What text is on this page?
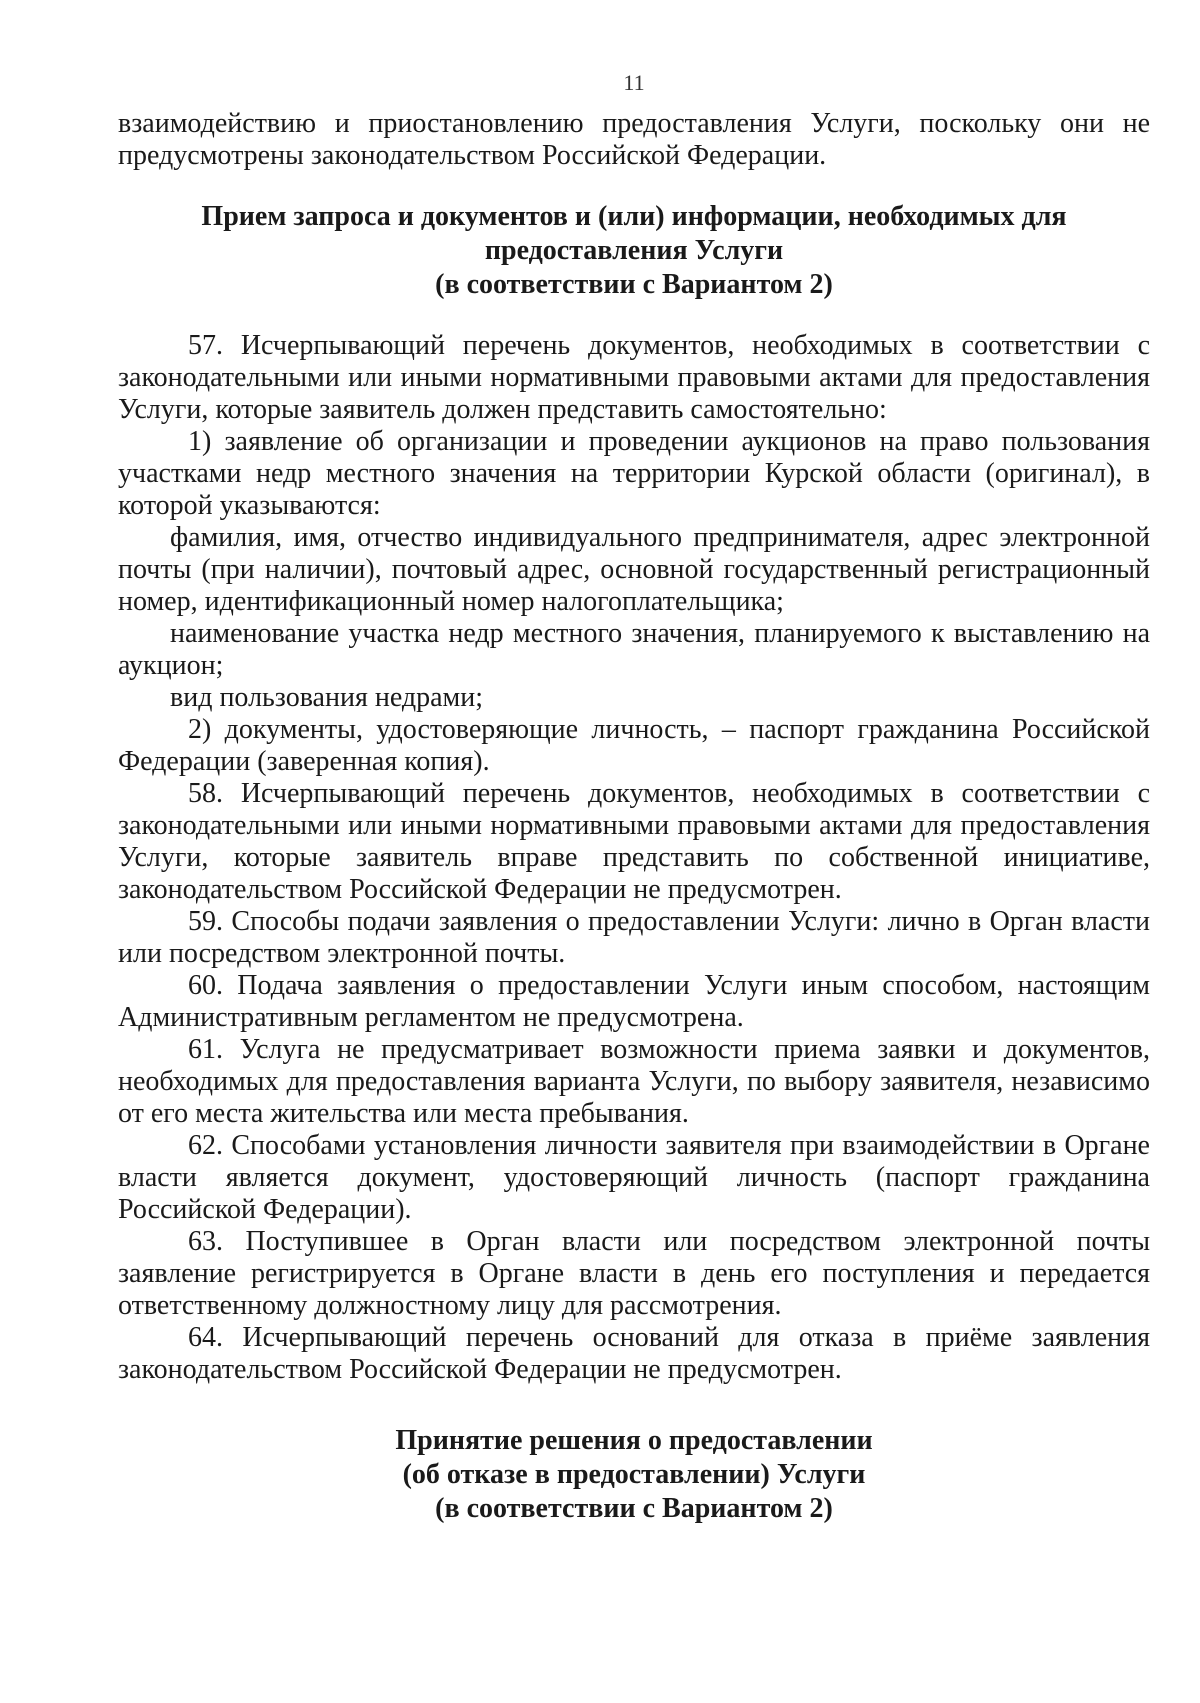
11

взаимодействию и приостановлению предоставления Услуги, поскольку они не предусмотрены законодательством Российской Федерации.

Прием запроса и документов и (или) информации, необходимых для

предоставления Услуги

(в соответствии с Вариантом 2)

57. Исчерпывающий перечень документов, необходимых в соответствии с законодательными или иными нормативными правовыми актами для предоставления Услуги, которые заявитель должен представить самостоятельно:

1) заявление об организации и проведении аукционов на право пользования участками недр местного значения на территории Курской области (оригинал), в которой указываются:

фамилия, имя, отчество индивидуального предпринимателя, адрес электронной почты (при наличии), почтовый адрес, основной государственный регистрационный номер, идентификационный номер налогоплательщика;

наименование участка недр местного значения, планируемого к выставлению на аукцион;

вид пользования недрами;

2) документы, удостоверяющие личность, – паспорт гражданина Российской Федерации (заверенная копия).

58. Исчерпывающий перечень документов, необходимых в соответствии с законодательными или иными нормативными правовыми актами для предоставления Услуги, которые заявитель вправе представить по собственной инициативе, законодательством Российской Федерации не предусмотрен.

59. Способы подачи заявления о предоставлении Услуги: лично в Орган власти или посредством электронной почты.

60. Подача заявления о предоставлении Услуги иным способом, настоящим Административным регламентом не предусмотрена.

61. Услуга не предусматривает возможности приема заявки и документов, необходимых для предоставления варианта Услуги, по выбору заявителя, независимо от его места жительства или места пребывания.

62. Способами установления личности заявителя при взаимодействии в Органе власти является документ, удостоверяющий личность (паспорт гражданина Российской Федерации).

63. Поступившее в Орган власти или посредством электронной почты заявление регистрируется в Органе власти в день его поступления и передается ответственному должностному лицу для рассмотрения.

64. Исчерпывающий перечень оснований для отказа в приёме заявления законодательством Российской Федерации не предусмотрен.

Принятие решения о предоставлении

(об отказе в предоставлении) Услуги

(в соответствии с Вариантом 2)
